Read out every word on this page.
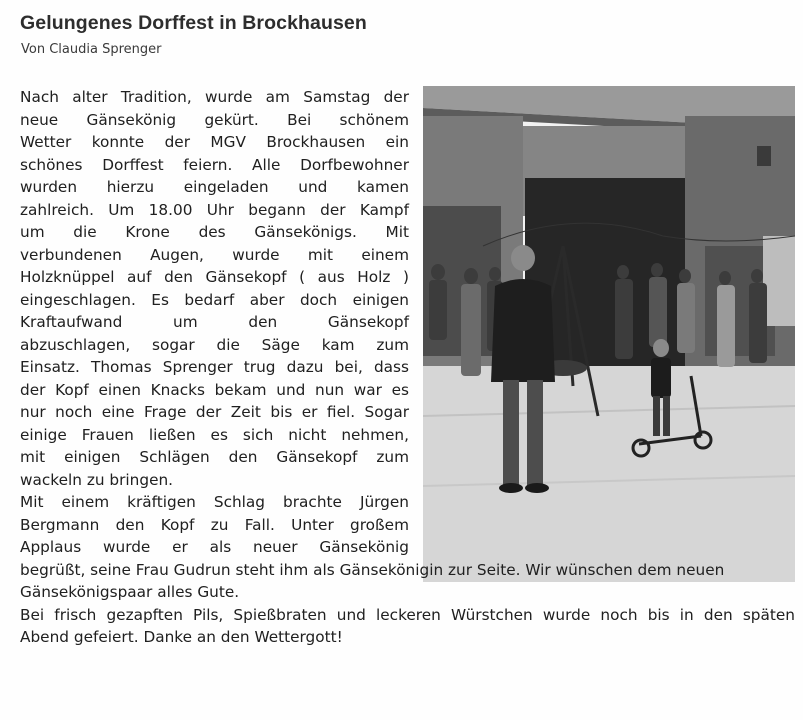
Gelungenes Dorffest in Brockhausen
Von Claudia Sprenger

Nach alter Tradition, wurde am Samstag der
neue Gänsekönig gekürt. Bei schönem
Wetter konnte der MGV Brockhausen ein
schönes Dorffest feiern. Alle Dorfbewohner
wurden hierzu eingeladen und kamen
zahlreich. Um 18.00 Uhr begann der Kampf
um die Krone des Gänsekönigs. Mit
verbundenen Augen, wurde mit einem
Holzknüppel auf den Gänsekopf ( aus Holz )
eingeschlagen. Es bedarf aber doch einigen
Kraftaufwand um den Gänsekopf
abzuschlagen, sogar die Säge kam zum
Einsatz. Thomas Sprenger trug dazu bei, dass
der Kopf einen Knacks bekam und nun war es
nur noch eine Frage der Zeit bis er fiel. Sogar
einige Frauen ließen es sich nicht nehmen,
mit einigen Schlägen den Gänsekopf zum
wackeln zu bringen.

Mit einem kräftigen Schlag brachte Jürgen
Bergmann den Kopf zu Fall. Unter großem
Applaus wurde er als neuer Gänsekönig
begrüßt, seine Frau Gudrun steht ihm als Gänsekönigin zur Seite. Wir wünschen dem neuen
Gänsekönigspaar alles Gute.

Bei frisch gezapften Pils, Spießbraten und leckeren Würstchen wurde noch bis in den späten
Abend gefeiert. Danke an den Wettergott!
